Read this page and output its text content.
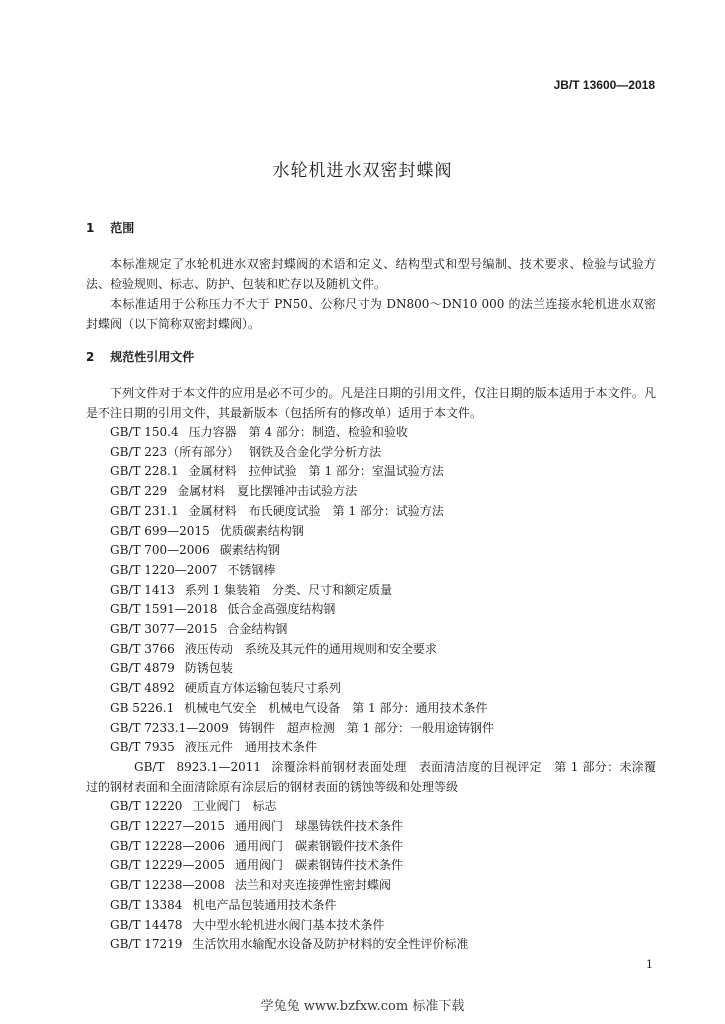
JB/T 13600—2018
水轮机进水双密封蝶阀
1 范围
本标准规定了水轮机进水双密封蝶阀的术语和定义、结构型式和型号编制、技术要求、检验与试验方法、检验规则、标志、防护、包装和贮存以及随机文件。
本标准适用于公称压力不大于 PN50、公称尺寸为 DN800～DN10 000 的法兰连接水轮机进水双密封蝶阀（以下简称双密封蝶阀）。
2 规范性引用文件
下列文件对于本文件的应用是必不可少的。凡是注日期的引用文件，仅注日期的版本适用于本文件。凡是不注日期的引用文件，其最新版本（包括所有的修改单）适用于本文件。
GB/T 150.4 压力容器　第 4 部分：制造、检验和验收
GB/T 223（所有部分） 钢铁及合金化学分析方法
GB/T 228.1 金属材料　拉伸试验　第 1 部分：室温试验方法
GB/T 229 金属材料　夏比摆锤冲击试验方法
GB/T 231.1 金属材料　布氏硬度试验　第 1 部分：试验方法
GB/T 699—2015 优质碳素结构钢
GB/T 700—2006 碳素结构钢
GB/T 1220—2007 不锈钢棒
GB/T 1413 系列 1 集装箱　分类、尺寸和额定质量
GB/T 1591—2018 低合金高强度结构钢
GB/T 3077—2015 合金结构钢
GB/T 3766 液压传动　系统及其元件的通用规则和安全要求
GB/T 4879 防锈包装
GB/T 4892 硬质直方体运输包装尺寸系列
GB 5226.1 机械电气安全　机械电气设备　第 1 部分：通用技术条件
GB/T 7233.1—2009 铸钢件　超声检测　第 1 部分：一般用途铸钢件
GB/T 7935 液压元件　通用技术条件
GB/T　8923.1—2011 涂覆涂料前钢材表面处理　表面清洁度的目视评定　第 1 部分：未涂覆过的钢材表面和全面清除原有涂层后的钢材表面的锈蚀等级和处理等级
GB/T 12220 工业阀门　标志
GB/T 12227—2015 通用阀门　球墨铸铁件技术条件
GB/T 12228—2006 通用阀门　碳素钢锻件技术条件
GB/T 12229—2005 通用阀门　碳素钢铸件技术条件
GB/T 12238—2008 法兰和对夹连接弹性密封蝶阀
GB/T 13384 机电产品包装通用技术条件
GB/T 14478 大中型水轮机进水阀门基本技术条件
GB/T 17219 生活饮用水输配水设备及防护材料的安全性评价标准
1
学兔兔 www.bzfxw.com 标准下载
